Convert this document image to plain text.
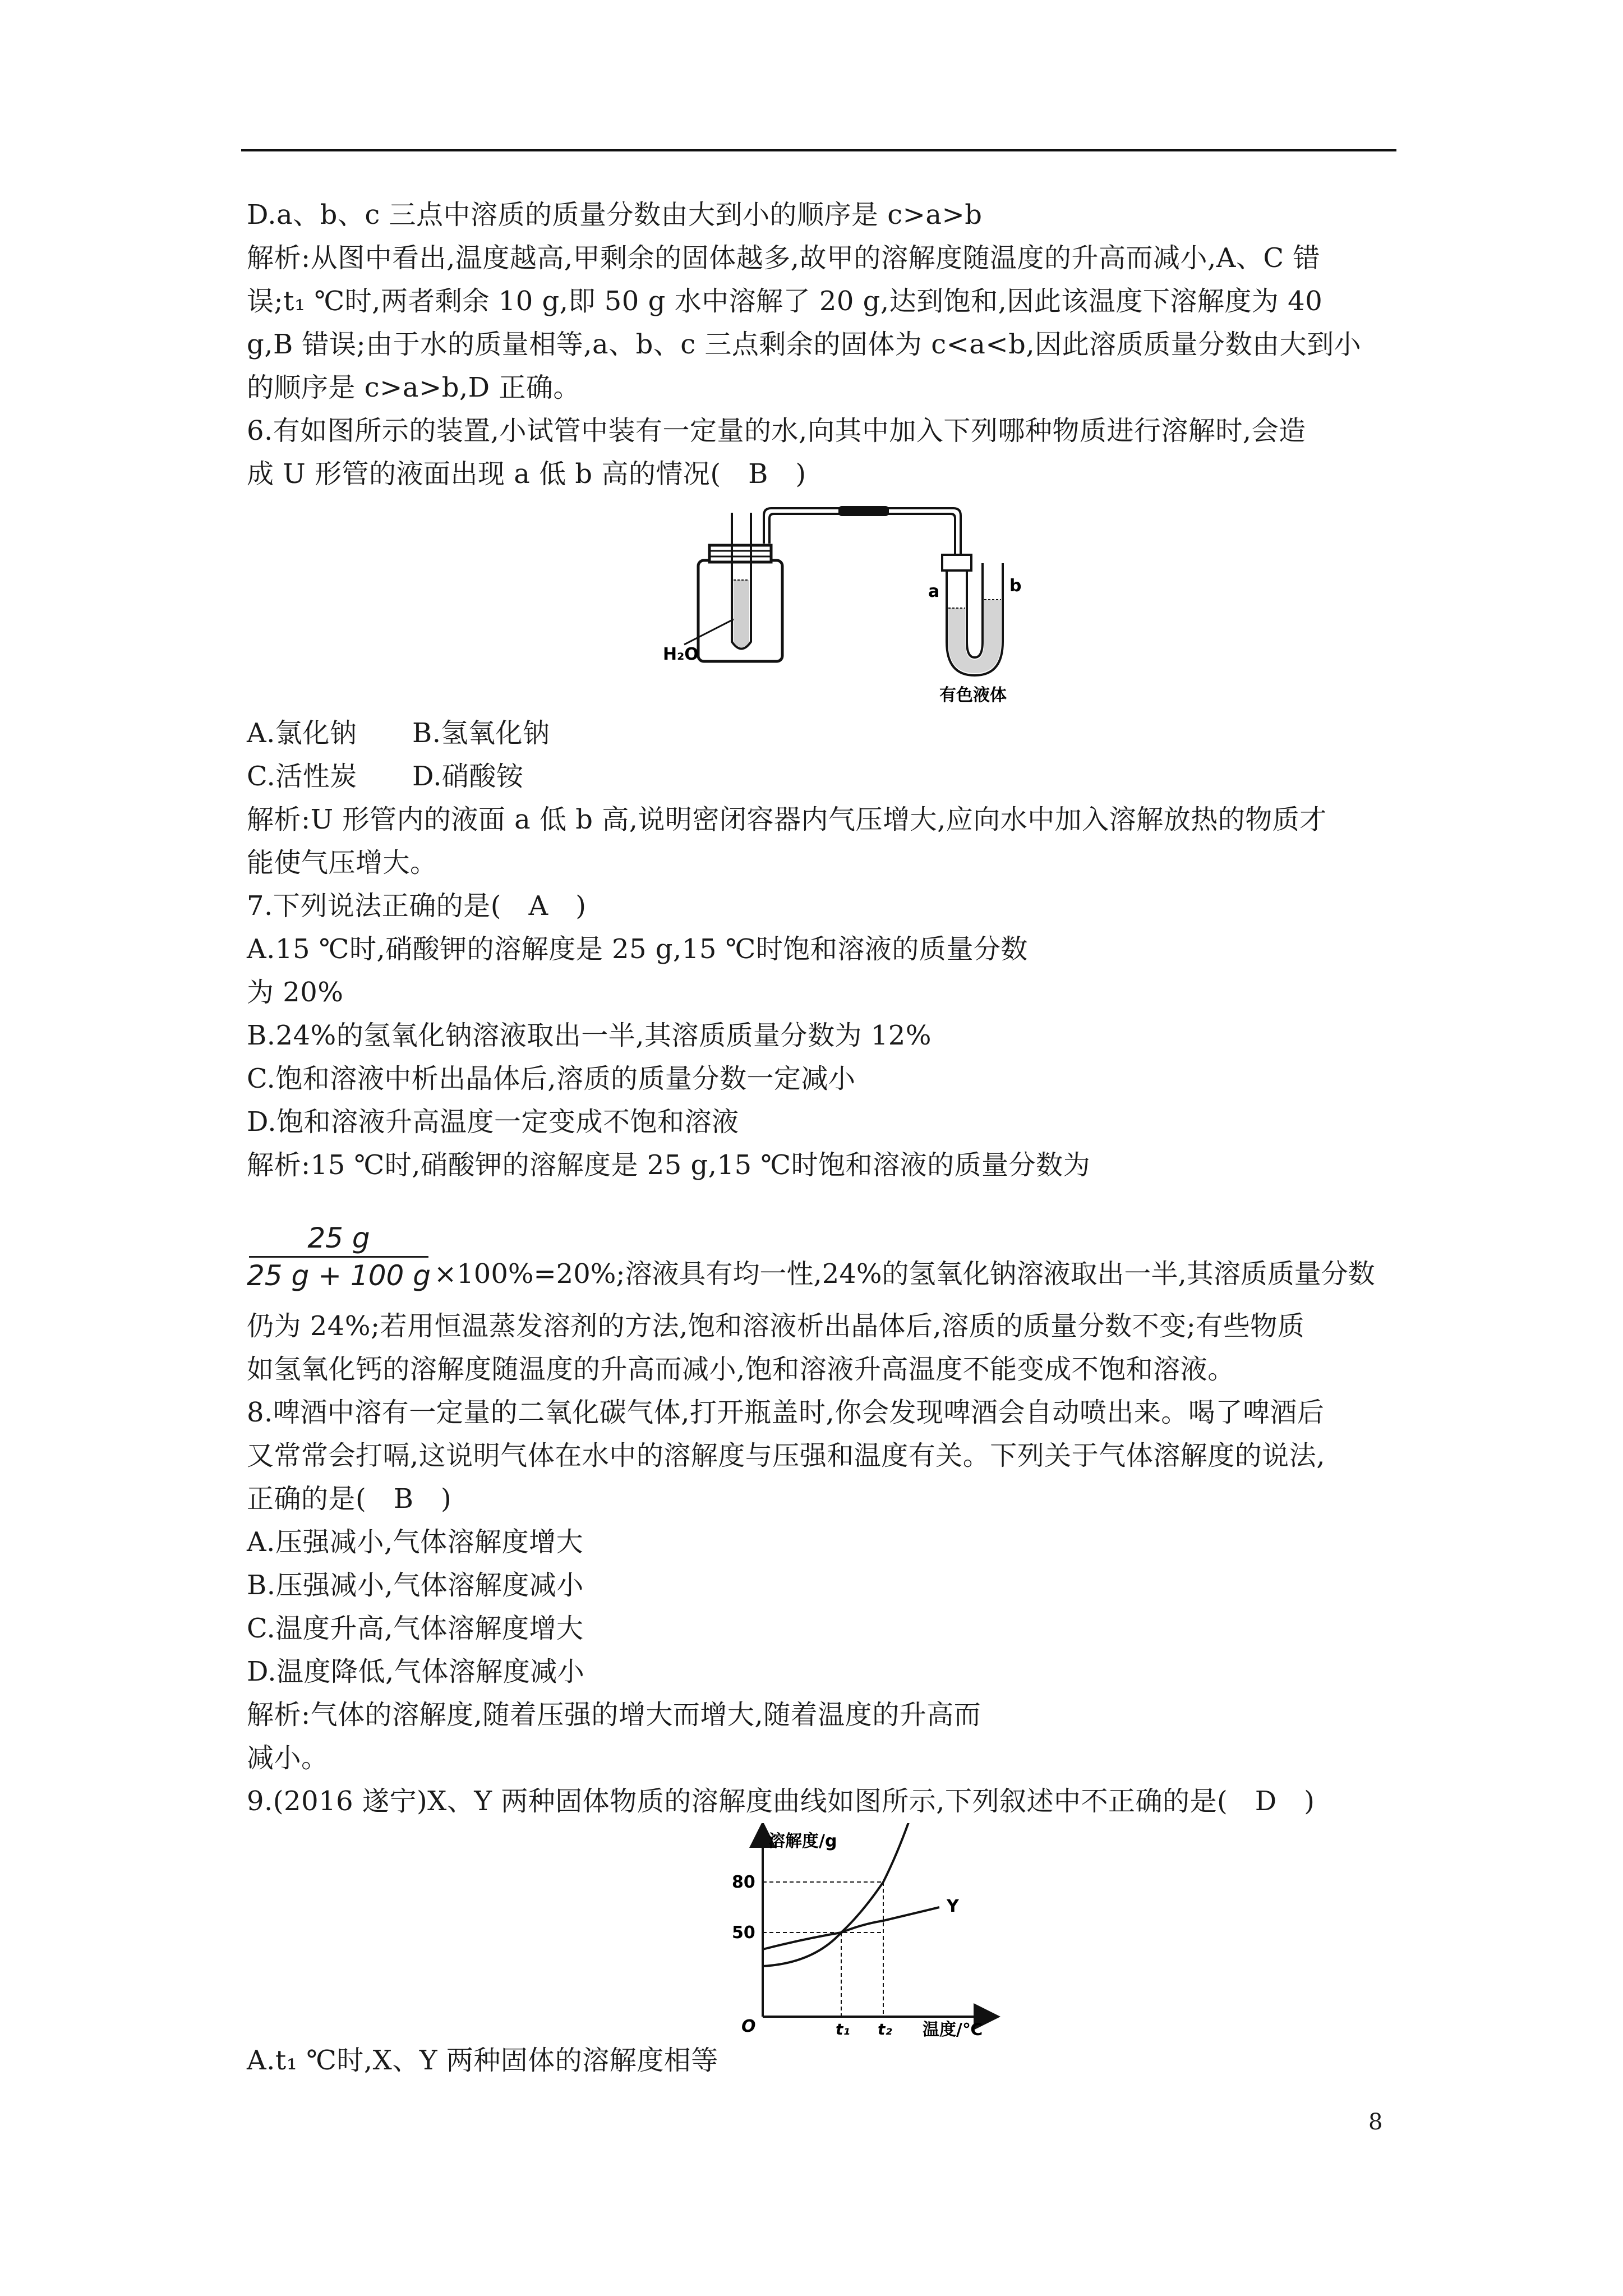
D.a、b、c 三点中溶质的质量分数由大到小的顺序是 c>a>b
解析:从图中看出,温度越高,甲剩余的固体越多,故甲的溶解度随温度的升高而减小,A、C 错
误;t₁ ℃时,两者剩余 10 g,即 50 g 水中溶解了 20 g,达到饱和,因此该温度下溶解度为 40
g,B 错误;由于水的质量相等,a、b、c 三点剩余的固体为 c<a<b,因此溶质质量分数由大到小
的顺序是 c>a>b,D 正确。
6.有如图所示的装置,小试管中装有一定量的水,向其中加入下列哪种物质进行溶解时,会造
成 U 形管的液面出现 a 低 b 高的情况(　B　)
H₂O
a	b
有色液体
A.氯化钠	B.氢氧化钠
C.活性炭	D.硝酸铵
解析:U 形管内的液面 a 低 b 高,说明密闭容器内气压增大,应向水中加入溶解放热的物质才
能使气压增大。
7.下列说法正确的是(　A　)
A.15 ℃时,硝酸钾的溶解度是 25 g,15 ℃时饱和溶液的质量分数
为 20%
B.24%的氢氧化钠溶液取出一半,其溶质质量分数为 12%
C.饱和溶液中析出晶体后,溶质的质量分数一定减小
D.饱和溶液升高温度一定变成不饱和溶液
解析:15 ℃时,硝酸钾的溶解度是 25 g,15 ℃时饱和溶液的质量分数为
$\frac{25 g}{25 g + 100 g} \times 100\%=20\%$;溶液具有均一性,24%的氢氧化钠溶液取出一半,其溶质质量分数
仍为 24%;若用恒温蒸发溶剂的方法,饱和溶液析出晶体后,溶质的质量分数不变;有些物质
如氢氧化钙的溶解度随温度的升高而减小,饱和溶液升高温度不能变成不饱和溶液。
8.啤酒中溶有一定量的二氧化碳气体,打开瓶盖时,你会发现啤酒会自动喷出来。喝了啤酒后
又常常会打嗝,这说明气体在水中的溶解度与压强和温度有关。下列关于气体溶解度的说法,
正确的是(　B　)
A.压强减小,气体溶解度增大
B.压强减小,气体溶解度减小
C.温度升高,气体溶解度增大
D.温度降低,气体溶解度减小
解析:气体的溶解度,随着压强的增大而增大,随着温度的升高而
减小。
9.(2016 遂宁)X、Y 两种固体物质的溶解度曲线如图所示,下列叙述中不正确的是(　D　)
溶解度/g
温度/℃
O
80
50
t₁ t₂
Y
A.t₁ ℃时,X、Y 两种固体的溶解度相等
8
